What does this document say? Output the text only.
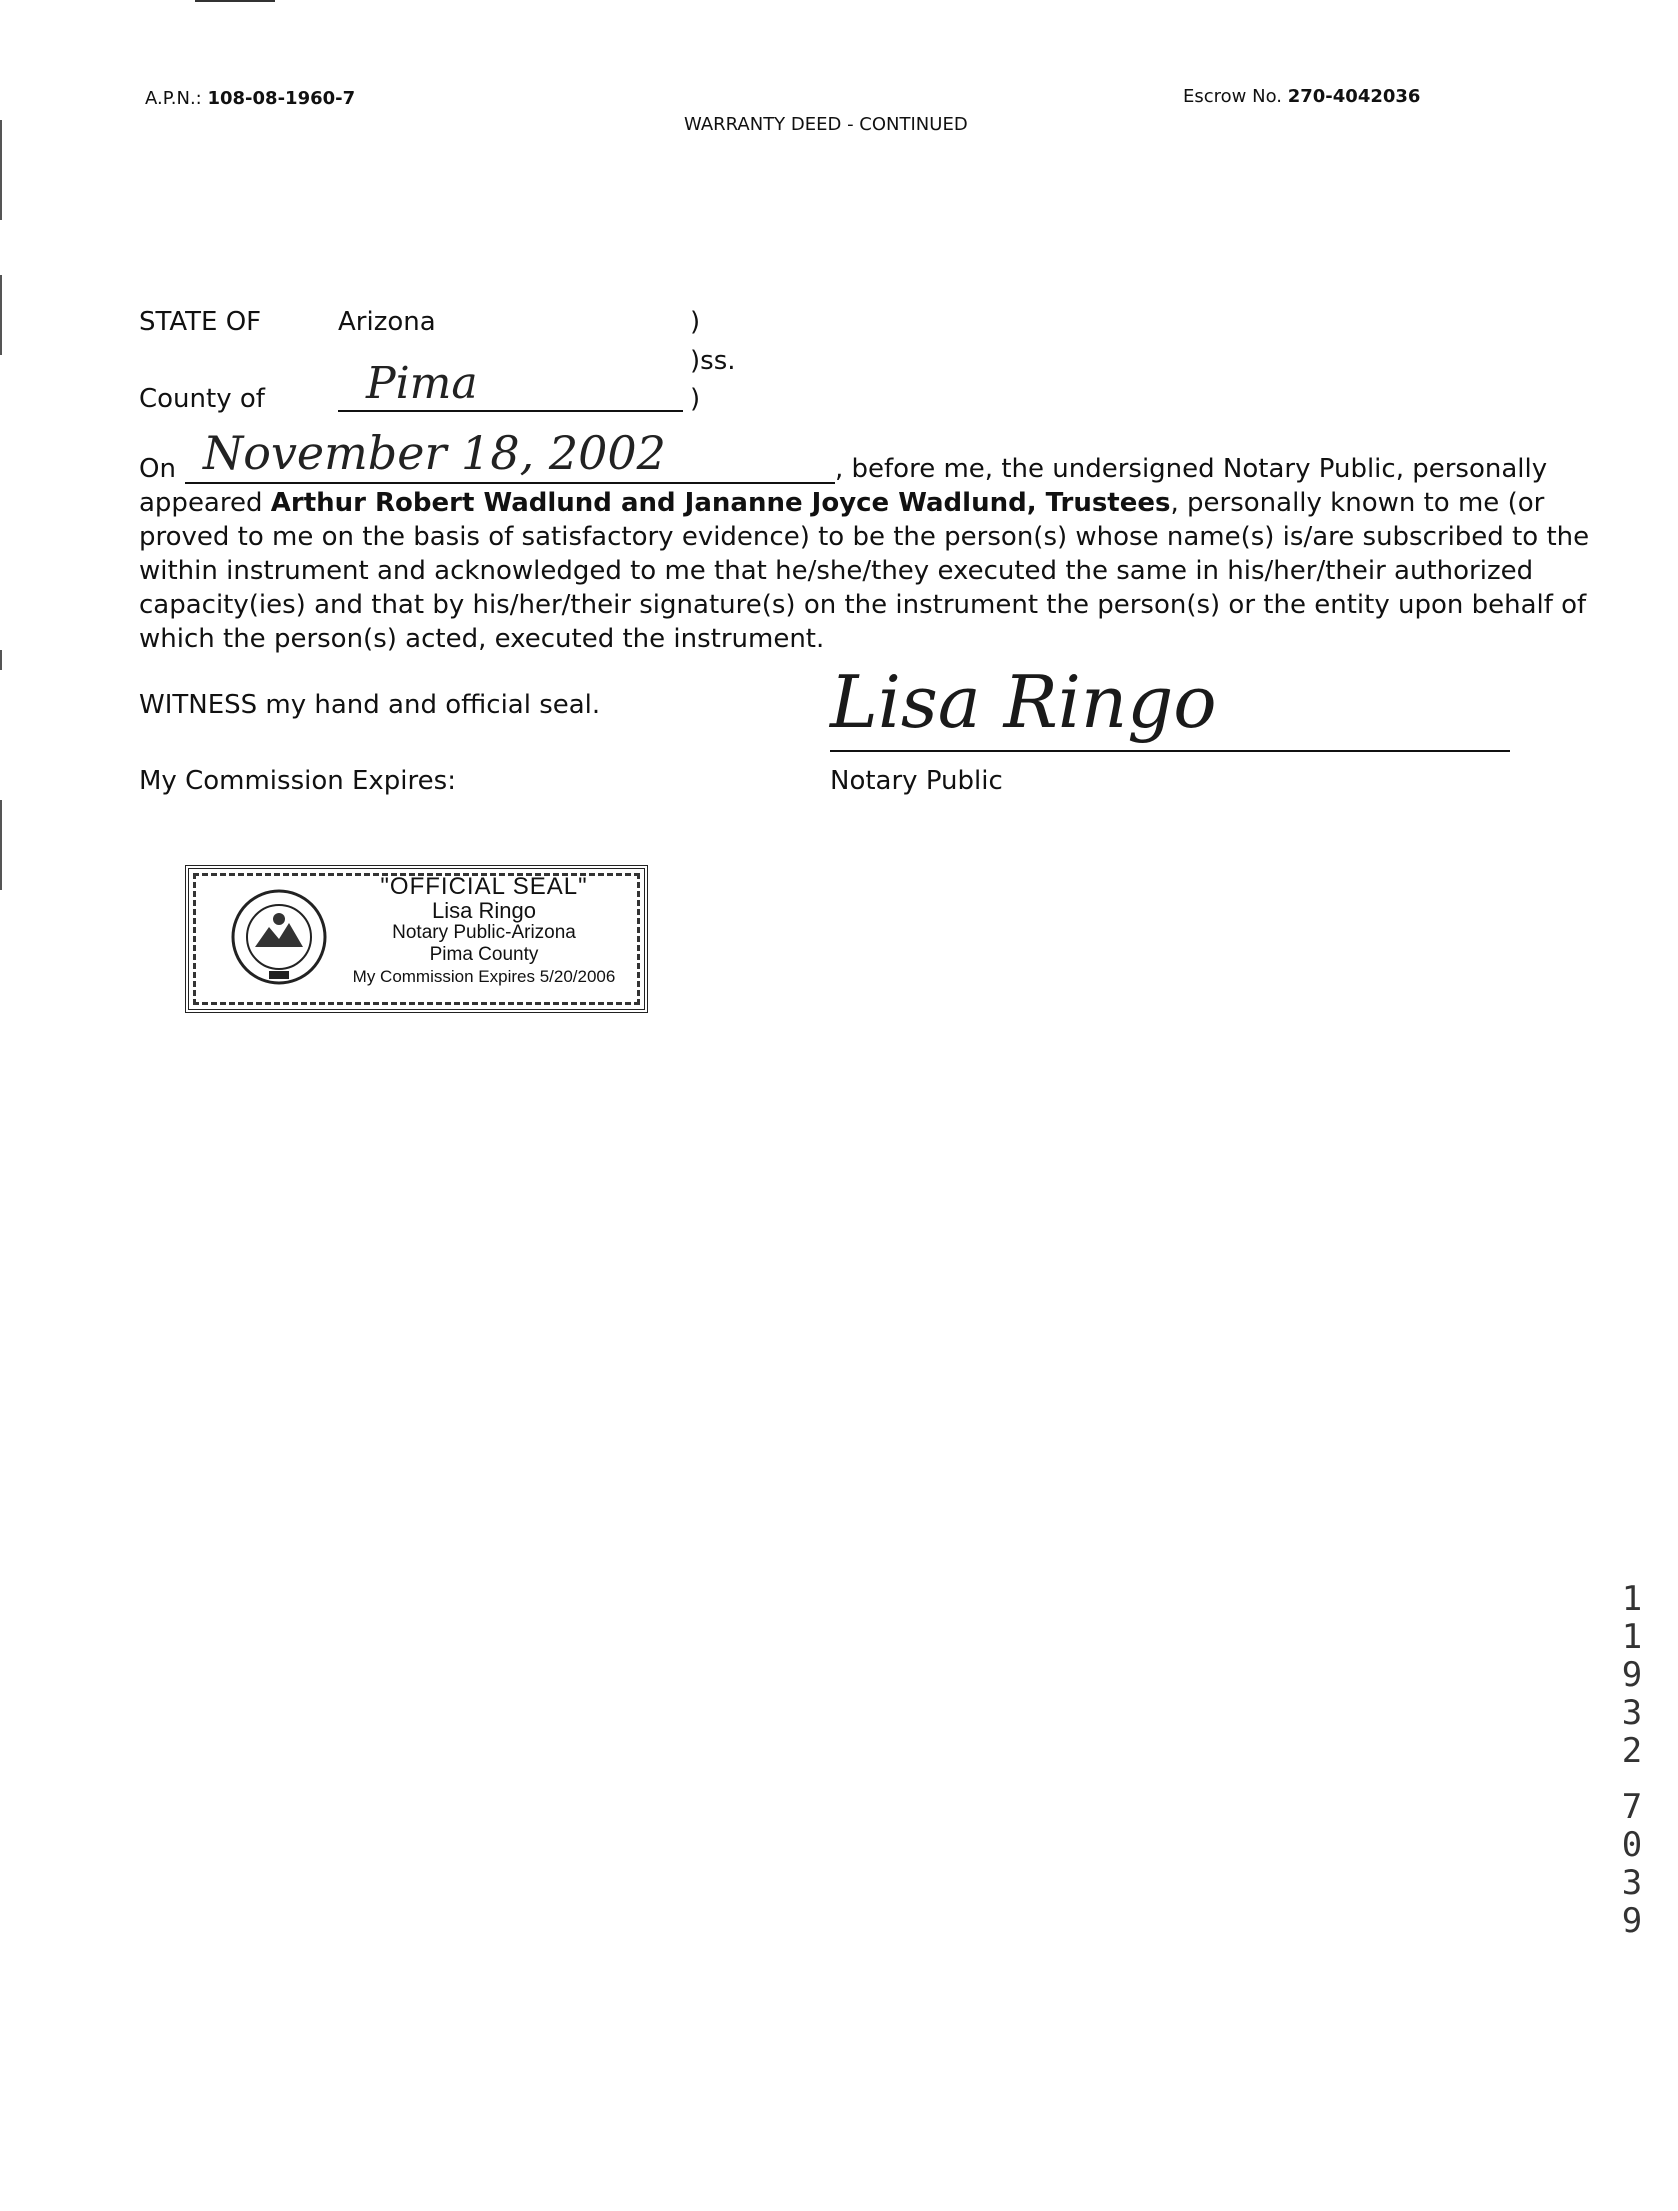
A.P.N.: 108-08-1960-7	Escrow No. 270-4042036
WARRANTY DEED - CONTINUED
STATE OF	Arizona	)
)ss.
County of Pima	)
On November 18, 2002	, before me, the undersigned Notary Public, personally
appeared Arthur Robert Wadlund and Jananne Joyce Wadlund, Trustees, personally known to me (or
proved to me on the basis of satisfactory evidence) to be the person(s) whose name(s) is/are subscribed to the
within instrument and acknowledged to me that he/she/they executed the same in his/her/their authorized
capacity(ies) and that by his/her/their signature(s) on the instrument the person(s) or the entity upon behalf of
which the person(s) acted, executed the instrument.
WITNESS my hand and official seal.
My Commission Expires:
Lisa Ringo
Notary Public
"OFFICIAL SEAL"
Lisa Ringo
Notary Public-Arizona
Pima County
My Commission Expires 5/20/2006
1
1
9
3
2
7
0
3
9
